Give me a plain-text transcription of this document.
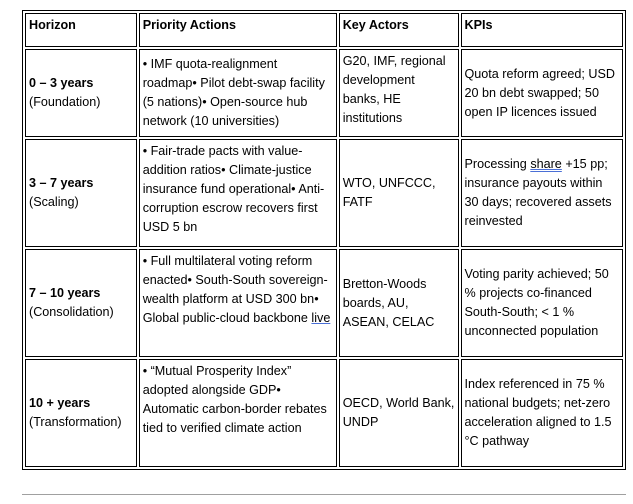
Horizon	Priority Actions	Key Actors	KPIs

0 – 3 years
(Foundation)	• IMF quota-realignment roadmap• Pilot debt-swap facility (5 nations)• Open-source hub network (10 universities)	G20, IMF, regional development banks, HE institutions	Quota reform agreed; USD 20 bn debt swapped; 50 open IP licences issued

3 – 7 years
(Scaling)	• Fair-trade pacts with value-addition ratios• Climate-justice insurance fund operational• Anti-corruption escrow recovers first USD 5 bn	WTO, UNFCCC, FATF	Processing share +15 pp; insurance payouts within 30 days; recovered assets reinvested

7 – 10 years
(Consolidation)	• Full multilateral voting reform enacted• South-South sovereign-wealth platform at USD 300 bn• Global public-cloud backbone live	Bretton-Woods boards, AU, ASEAN, CELAC	Voting parity achieved; 50 % projects co-financed South-South; < 1 % unconnected population

10 + years
(Transformation)	• “Mutual Prosperity Index” adopted alongside GDP• Automatic carbon-border rebates tied to verified climate action	OECD, World Bank, UNDP	Index referenced in 75 % national budgets; net-zero acceleration aligned to 1.5 °C pathway
